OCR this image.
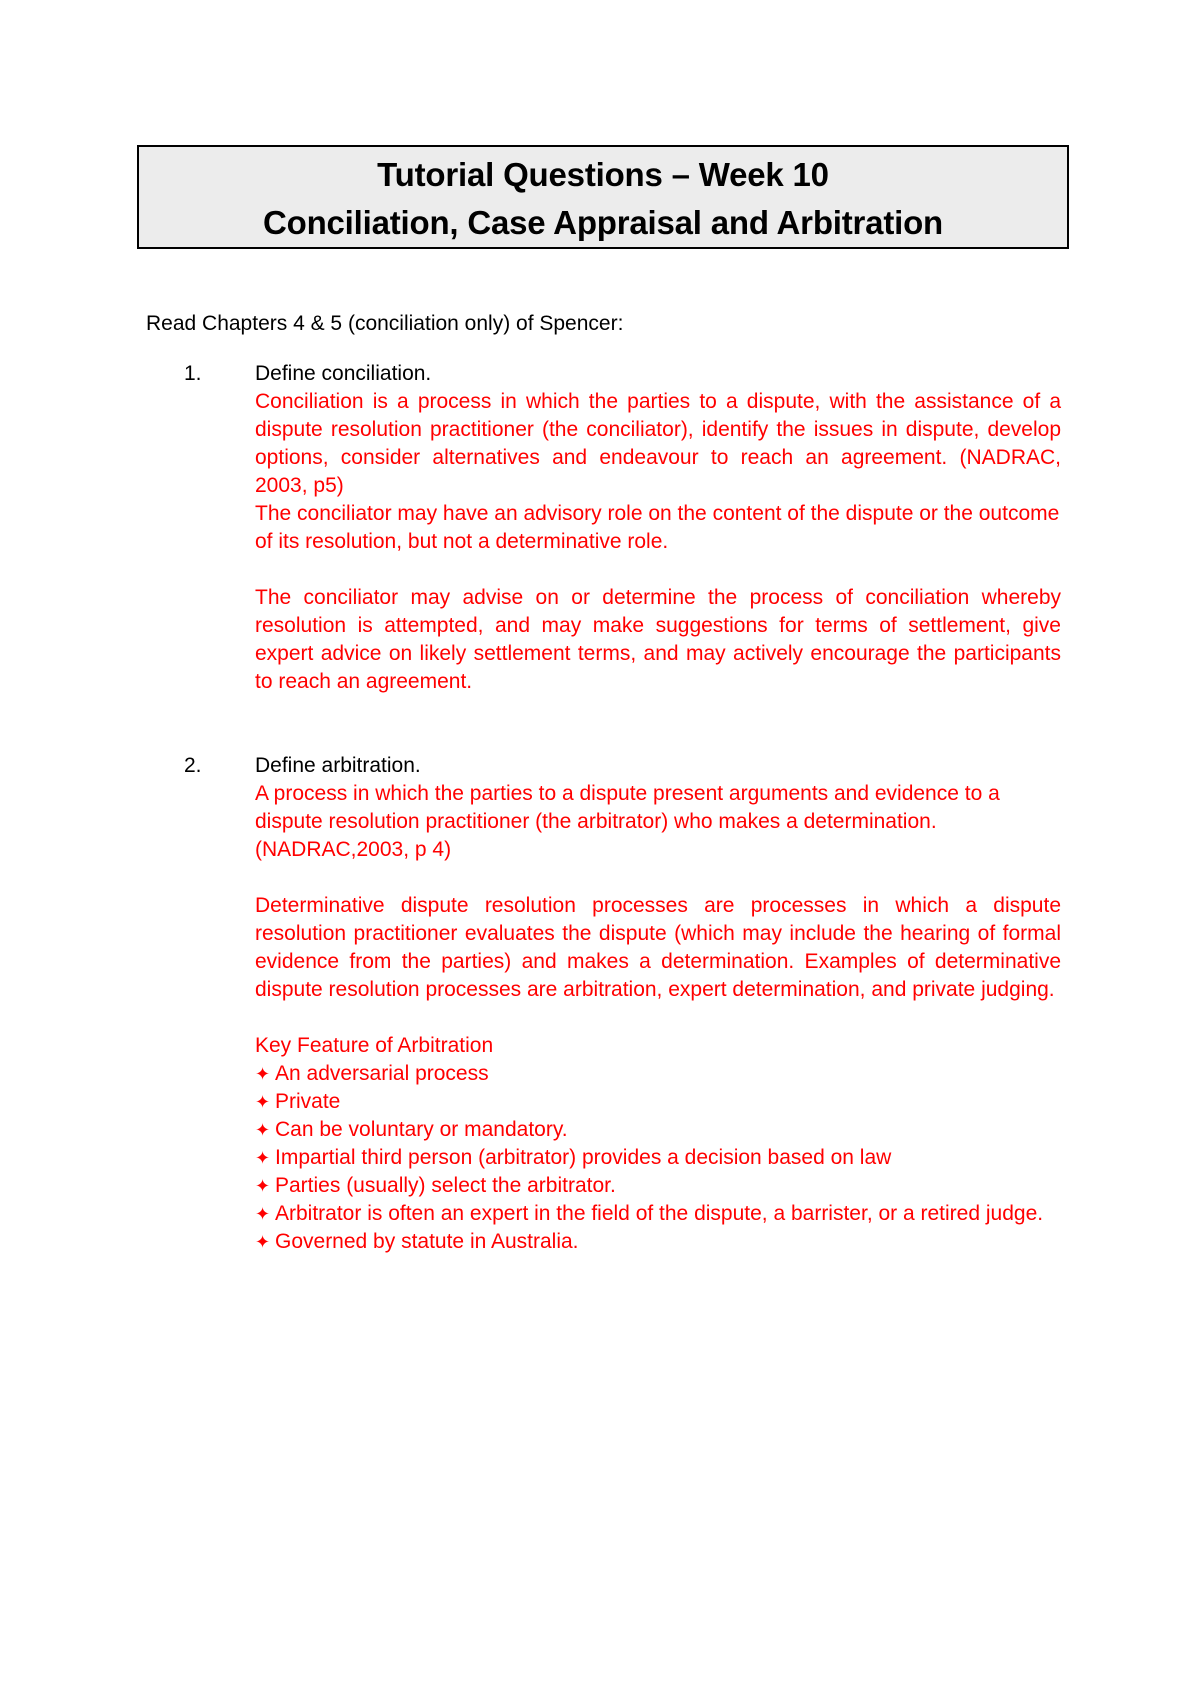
Tutorial Questions – Week 10
Conciliation, Case Appraisal and Arbitration
Read Chapters 4 & 5 (conciliation only) of Spencer:
1.	Define conciliation.

Conciliation is a process in which the parties to a dispute, with the assistance of a dispute resolution practitioner (the conciliator), identify the issues in dispute, develop options, consider alternatives and endeavour to reach an agreement. (NADRAC, 2003, p5)

The conciliator may have an advisory role on the content of the dispute or the outcome of its resolution, but not a determinative role.

The conciliator may advise on or determine the process of conciliation whereby resolution is attempted, and may make suggestions for terms of settlement, give expert advice on likely settlement terms, and may actively encourage the participants to reach an agreement.

2.	Define arbitration.

A process in which the parties to a dispute present arguments and evidence to a dispute resolution practitioner (the arbitrator) who makes a determination. (NADRAC,2003, p 4)

Determinative dispute resolution processes are processes in which a dispute resolution practitioner evaluates the dispute (which may include the hearing of formal evidence from the parties) and makes a determination. Examples of determinative dispute resolution processes are arbitration, expert determination, and private judging.

Key Feature of Arbitration
✦ An adversarial process
✦ Private
✦ Can be voluntary or mandatory.
✦ Impartial third person (arbitrator) provides a decision based on law
✦ Parties (usually) select the arbitrator.
✦ Arbitrator is often an expert in the field of the dispute, a barrister, or a retired judge.
✦ Governed by statute in Australia.
